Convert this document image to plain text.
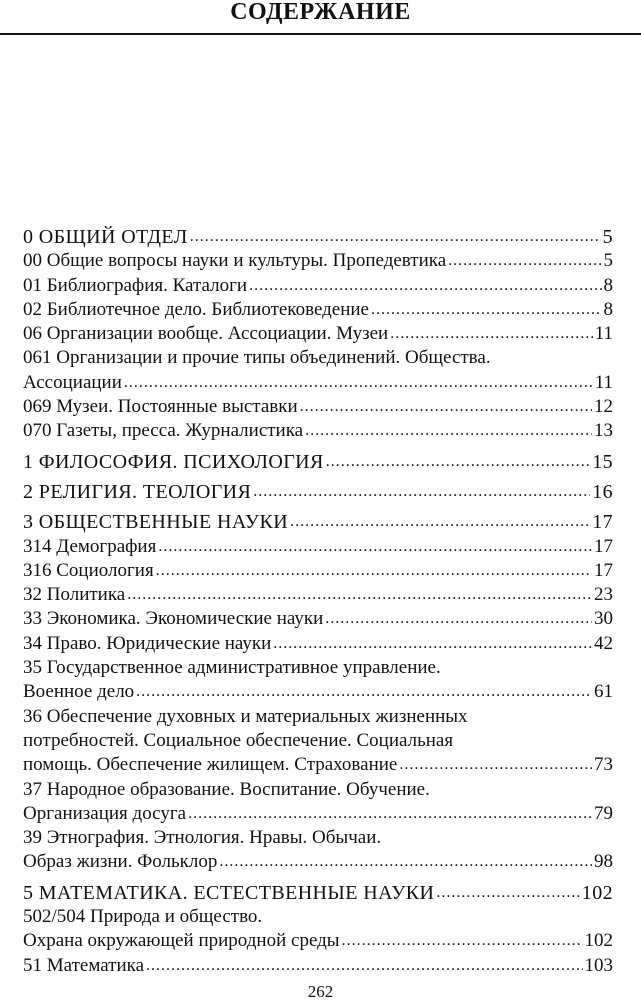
СОДЕРЖАНИЕ
0 ОБЩИЙ ОТДЕЛ .....	5
00 Общие вопросы науки и культуры. Пропедевтика .....	5
01 Библиография. Каталоги .....	8
02 Библиотечное дело. Библиотековедение .....	8
06 Организации вообще. Ассоциации. Музеи .....	11
061 Организации и прочие типы объединений. Общества.
Ассоциации .....	11
069 Музеи. Постоянные выставки .....	12
070 Газеты, пресса. Журналистика .....	13
1 ФИЛОСОФИЯ. ПСИХОЛОГИЯ .....	15
2 РЕЛИГИЯ. ТЕОЛОГИЯ .....	16
3 ОБЩЕСТВЕННЫЕ НАУКИ .....	17
314 Демография .....	17
316 Социология .....	17
32 Политика .....	23
33 Экономика. Экономические науки .....	30
34 Право. Юридические науки .....	42
35 Государственное административное управление.
Военное дело .....	61
36 Обеспечение духовных и материальных жизненных
потребностей. Социальное обеспечение. Социальная
помощь. Обеспечение жилищем. Страхование .....	73
37 Народное образование. Воспитание. Обучение.
Организация досуга .....	79
39 Этнография. Этнология. Нравы. Обычаи.
Образ жизни. Фольклор .....	98
5 МАТЕМАТИКА. ЕСТЕСТВЕННЫЕ НАУКИ .....	102
502/504 Природа и общество.
Охрана окружающей природной среды .....	102
51 Математика .....	103
262
